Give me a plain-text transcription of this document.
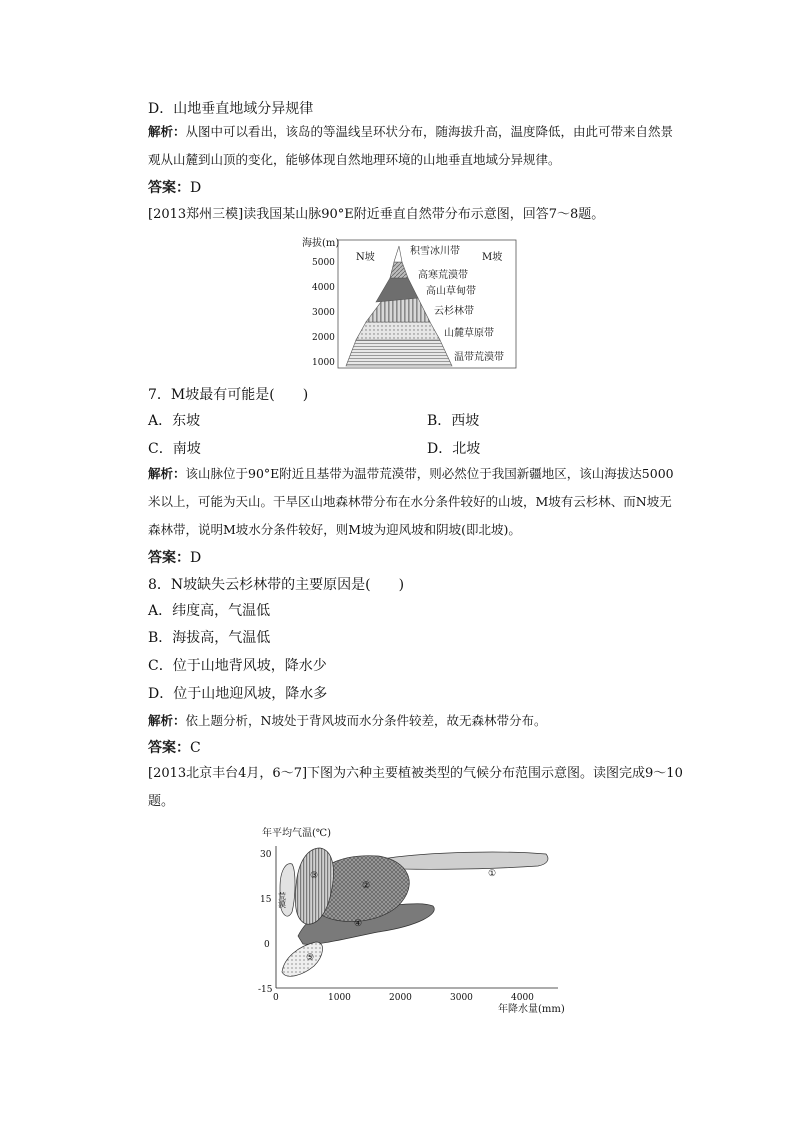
D．山地垂直地域分异规律
解析：从图中可以看出，该岛的等温线呈环状分布，随海拔升高，温度降低，由此可带来自然景观从山麓到山顶的变化，能够体现自然地理环境的山地垂直地域分异规律。
答案：D
[2013郑州三模]读我国某山脉90°E附近垂直自然带分布示意图，回答7～8题。
海拔(m)
5000
4000
3000
2000
1000
N坡	M坡
积雪冰川带
高寒荒漠带
高山草甸带
云杉林带
山麓草原带
温带荒漠带
7．M坡最有可能是(　　)
A．东坡	B．西坡
C．南坡	D．北坡
解析：该山脉位于90°E附近且基带为温带荒漠带，则必然位于我国新疆地区，该山海拔达5000米以上，可能为天山。干旱区山地森林带分布在水分条件较好的山坡，M坡有云杉林、而N坡无森林带，说明M坡水分条件较好，则M坡为迎风坡和阴坡(即北坡)。
答案：D
8．N坡缺失云杉林带的主要原因是(　　)
A．纬度高，气温低
B．海拔高，气温低
C．位于山地背风坡，降水少
D．位于山地迎风坡，降水多
解析：依上题分析，N坡处于背风坡而水分条件较差，故无森林带分布。
答案：C
[2013北京丰台4月，6～7]下图为六种主要植被类型的气候分布范围示意图。读图完成9～10题。
年平均气温(℃)
30
15
0
-15
0	1000	2000	3000	4000
年降水量(mm)
荒漠
①
②
③
④
⑤
